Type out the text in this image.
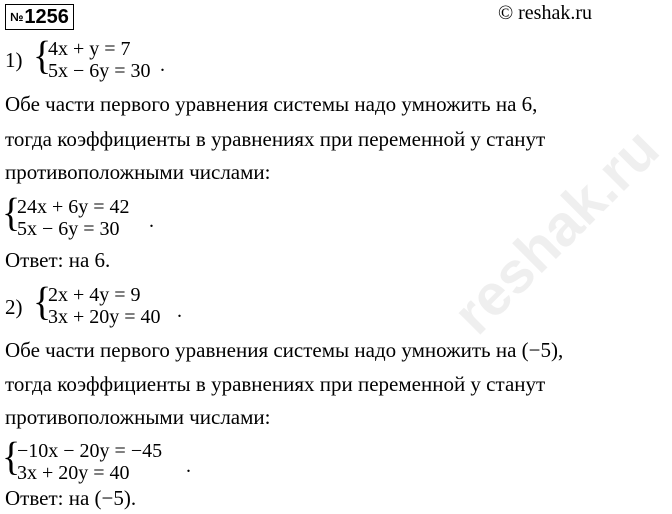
№1256	© reshak.ru
1) {
4x + y = 7
5x − 6y = 30 .
Обе части первого уравнения системы надо умножить на 6,
тогда коэффициенты в уравнениях при переменной y станут
противоположными числами:
{
24x + 6y = 42
5x − 6y = 30 .
Ответ: на 6.
2) {
2x + 4y = 9
3x + 20y = 40 .
Обе части первого уравнения системы надо умножить на (−5),
тогда коэффициенты в уравнениях при переменной y станут
противоположными числами:
{
−10x − 20y = −45
3x + 20y = 40	.
Ответ: на (−5).
reshak.ru
